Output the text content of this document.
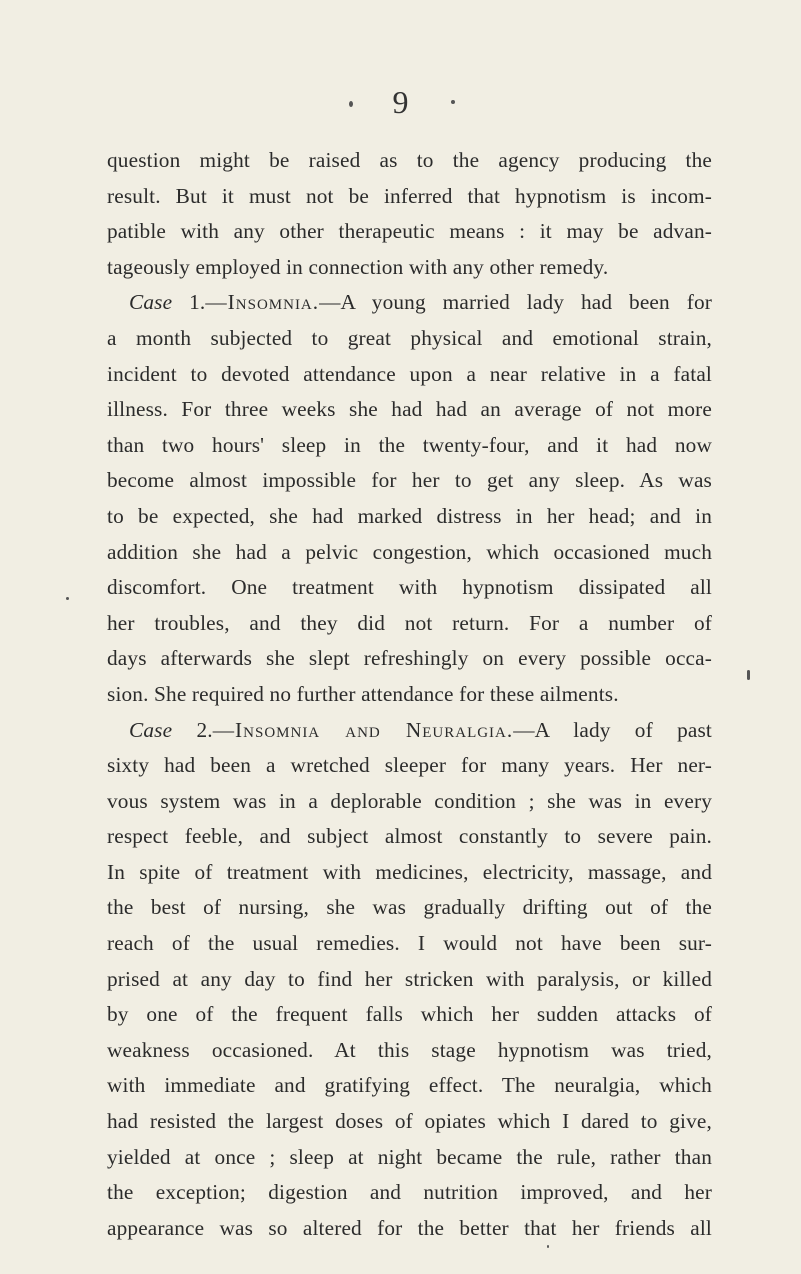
9
question might be raised as to the agency producing the
result. But it must not be inferred that hypnotism is incom-
patible with any other therapeutic means : it may be advan-
tageously employed in connection with any other remedy.
Case 1.—Insomnia.—A young married lady had been for
a month subjected to great physical and emotional strain,
incident to devoted attendance upon a near relative in a fatal
illness. For three weeks she had had an average of not more
than two hours' sleep in the twenty-four, and it had now
become almost impossible for her to get any sleep. As was
to be expected, she had marked distress in her head; and in
addition she had a pelvic congestion, which occasioned much
discomfort. One treatment with hypnotism dissipated all
her troubles, and they did not return. For a number of
days afterwards she slept refreshingly on every possible occa-
sion. She required no further attendance for these ailments.
Case 2.—Insomnia and Neuralgia.—A lady of past
sixty had been a wretched sleeper for many years. Her ner-
vous system was in a deplorable condition ; she was in every
respect feeble, and subject almost constantly to severe pain.
In spite of treatment with medicines, electricity, massage, and
the best of nursing, she was gradually drifting out of the
reach of the usual remedies. I would not have been sur-
prised at any day to find her stricken with paralysis, or killed
by one of the frequent falls which her sudden attacks of
weakness occasioned. At this stage hypnotism was tried,
with immediate and gratifying effect. The neuralgia, which
had resisted the largest doses of opiates which I dared to give,
yielded at once ; sleep at night became the rule, rather than
the exception; digestion and nutrition improved, and her
appearance was so altered for the better that her friends all
